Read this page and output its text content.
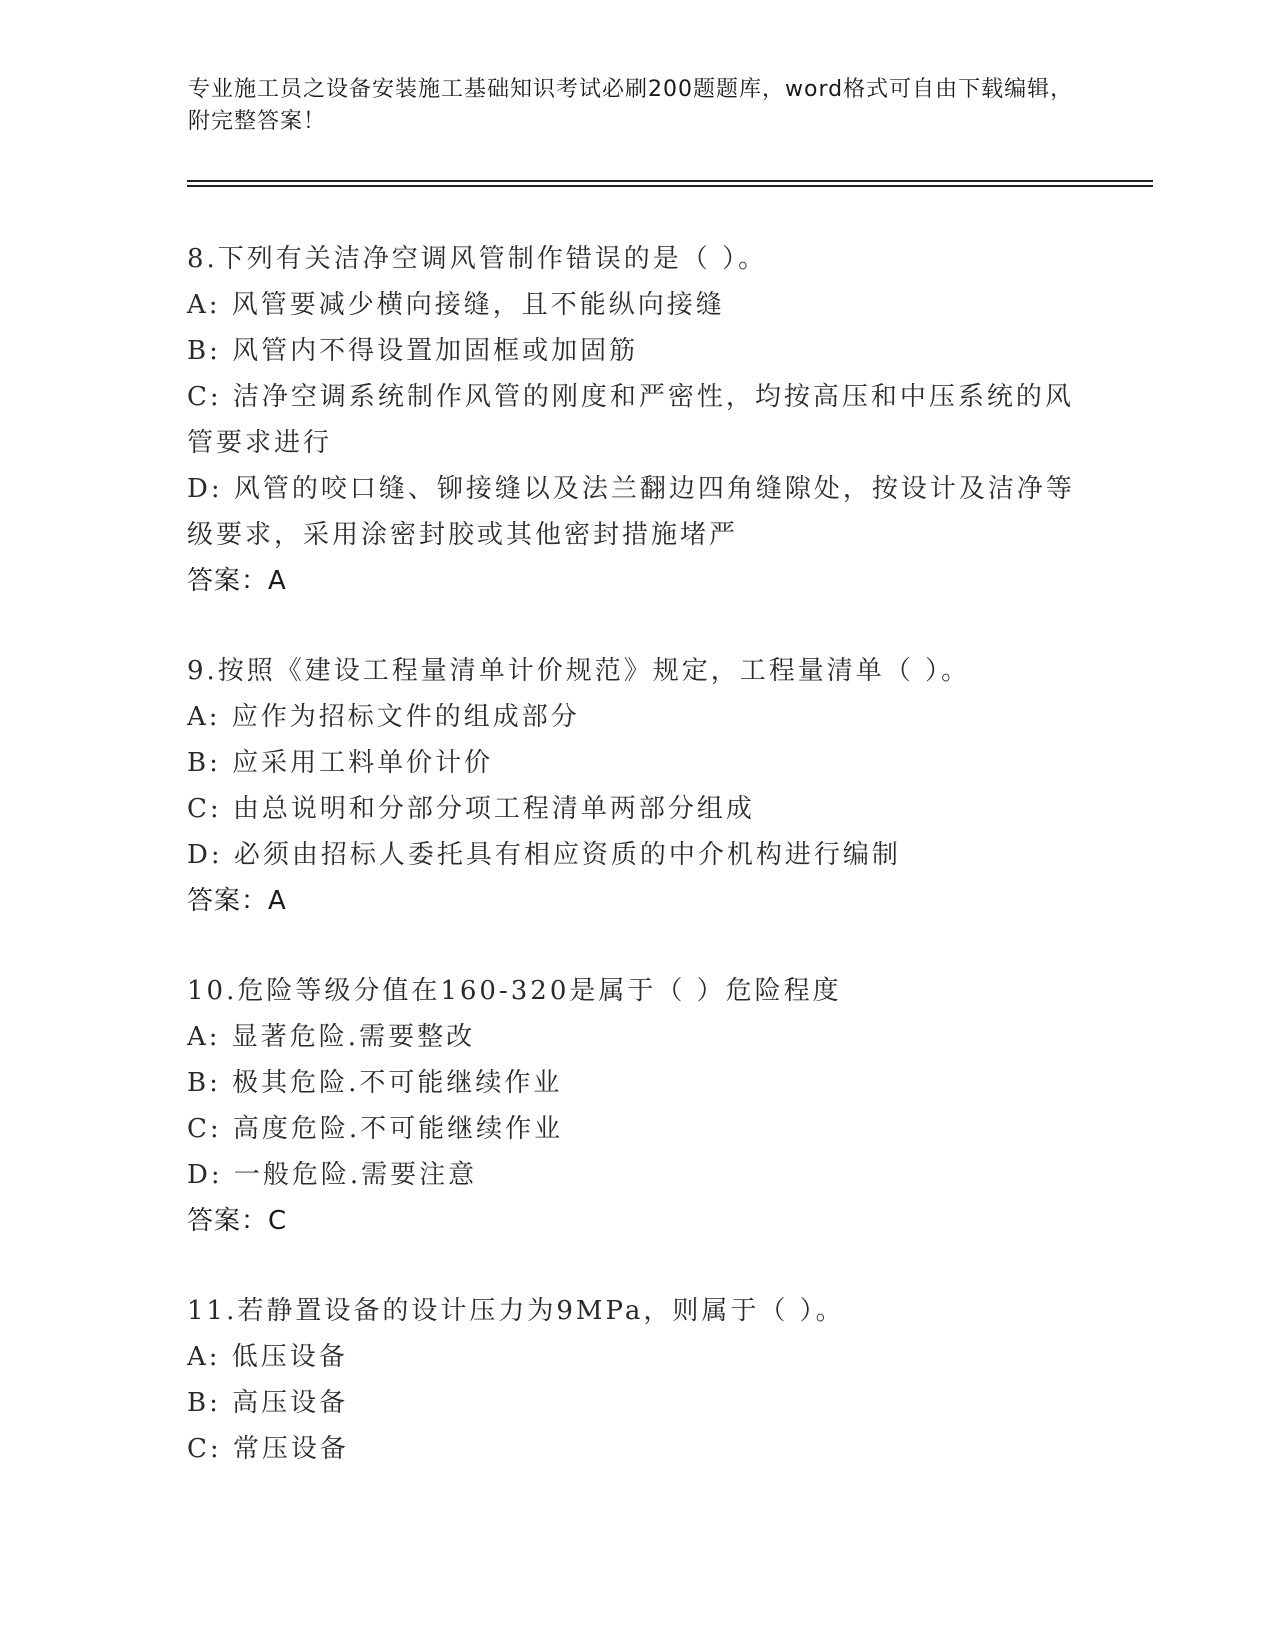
专业施工员之设备安装施工基础知识考试必刷200题题库，word格式可自由下载编辑，附完整答案！
8.下列有关洁净空调风管制作错误的是（ ）。
A: 风管要减少横向接缝，且不能纵向接缝
B: 风管内不得设置加固框或加固筋
C: 洁净空调系统制作风管的刚度和严密性，均按高压和中压系统的风管要求进行
D: 风管的咬口缝、铆接缝以及法兰翻边四角缝隙处，按设计及洁净等级要求，采用涂密封胶或其他密封措施堵严
答案：A
9.按照《建设工程量清单计价规范》规定，工程量清单（ ）。
A: 应作为招标文件的组成部分
B: 应采用工料单价计价
C: 由总说明和分部分项工程清单两部分组成
D: 必须由招标人委托具有相应资质的中介机构进行编制
答案：A
10.危险等级分值在160-320是属于（ ）危险程度
A: 显著危险.需要整改
B: 极其危险.不可能继续作业
C: 高度危险.不可能继续作业
D: 一般危险.需要注意
答案：C
11.若静置设备的设计压力为9MPa，则属于（ ）。
A: 低压设备
B: 高压设备
C: 常压设备
